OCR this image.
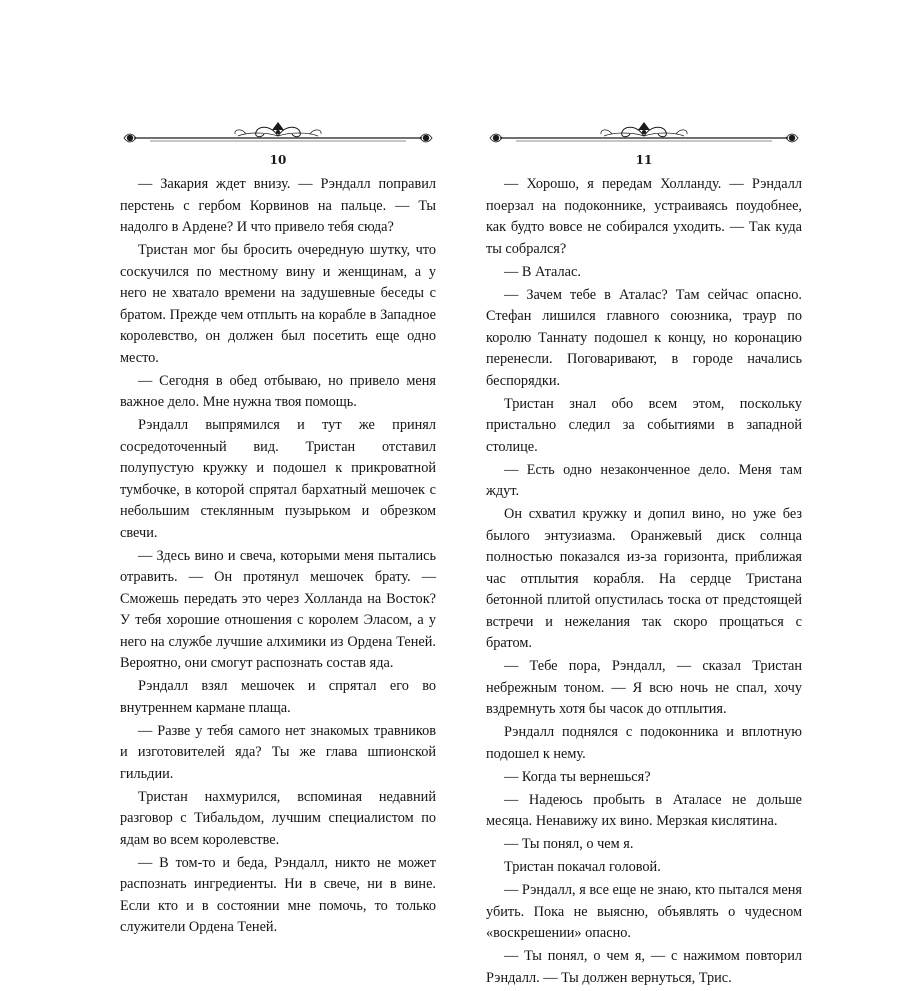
10

— Закария ждет внизу. — Рэндалл поправил перстень с гербом Корвинов на пальце. — Ты надолго в Ардене? И что привело тебя сюда?

Тристан мог бы бросить очередную шутку, что соскучился по местному вину и женщинам, а у него не хватало времени на задушевные беседы с братом. Прежде чем отплыть на корабле в Западное королевство, он должен был посетить еще одно место.

— Сегодня в обед отбываю, но привело меня важное дело. Мне нужна твоя помощь.

Рэндалл выпрямился и тут же принял сосредоточенный вид. Тристан отставил полупустую кружку и подошел к прикроватной тумбочке, в которой спрятал бархатный мешочек с небольшим стеклянным пузырьком и обрезком свечи.

— Здесь вино и свеча, которыми меня пытались отравить. — Он протянул мешочек брату. — Сможешь передать это через Холланда на Восток? У тебя хорошие отношения с королем Эласом, а у него на службе лучшие алхимики из Ордена Теней. Вероятно, они смогут распознать состав яда.

Рэндалл взял мешочек и спрятал его во внутреннем кармане плаща.

— Разве у тебя самого нет знакомых травников и изготовителей яда? Ты же глава шпионской гильдии.

Тристан нахмурился, вспоминая недавний разговор с Тибальдом, лучшим специалистом по ядам во всем королевстве.

— В том-то и беда, Рэндалл, никто не может распознать ингредиенты. Ни в свече, ни в вине. Если кто и в состоянии мне помочь, то только служители Ордена Теней.

11

— Хорошо, я передам Холланду. — Рэндалл поерзал на подоконнике, устраиваясь поудобнее, как будто вовсе не собирался уходить. — Так куда ты собрался?

— В Аталас.

— Зачем тебе в Аталас? Там сейчас опасно. Стефан лишился главного союзника, траур по королю Таннату подошел к концу, но коронацию перенесли. Поговаривают, в городе начались беспорядки.

Тристан знал обо всем этом, поскольку пристально следил за событиями в западной столице.

— Есть одно незаконченное дело. Меня там ждут.

Он схватил кружку и допил вино, но уже без былого энтузиазма. Оранжевый диск солнца полностью показался из-за горизонта, приближая час отплытия корабля. На сердце Тристана бетонной плитой опустилась тоска от предстоящей встречи и нежелания так скоро прощаться с братом.

— Тебе пора, Рэндалл, — сказал Тристан небрежным тоном. — Я всю ночь не спал, хочу вздремнуть хотя бы часок до отплытия.

Рэндалл поднялся с подоконника и вплотную подошел к нему.

— Когда ты вернешься?

— Надеюсь пробыть в Аталасе не дольше месяца. Ненавижу их вино. Мерзкая кислятина.

— Ты понял, о чем я.

Тристан покачал головой.

— Рэндалл, я все еще не знаю, кто пытался меня убить. Пока не выясню, объявлять о чудесном «воскрешении» опасно.

— Ты понял, о чем я, — с нажимом повторил Рэндалл. — Ты должен вернуться, Трис.
